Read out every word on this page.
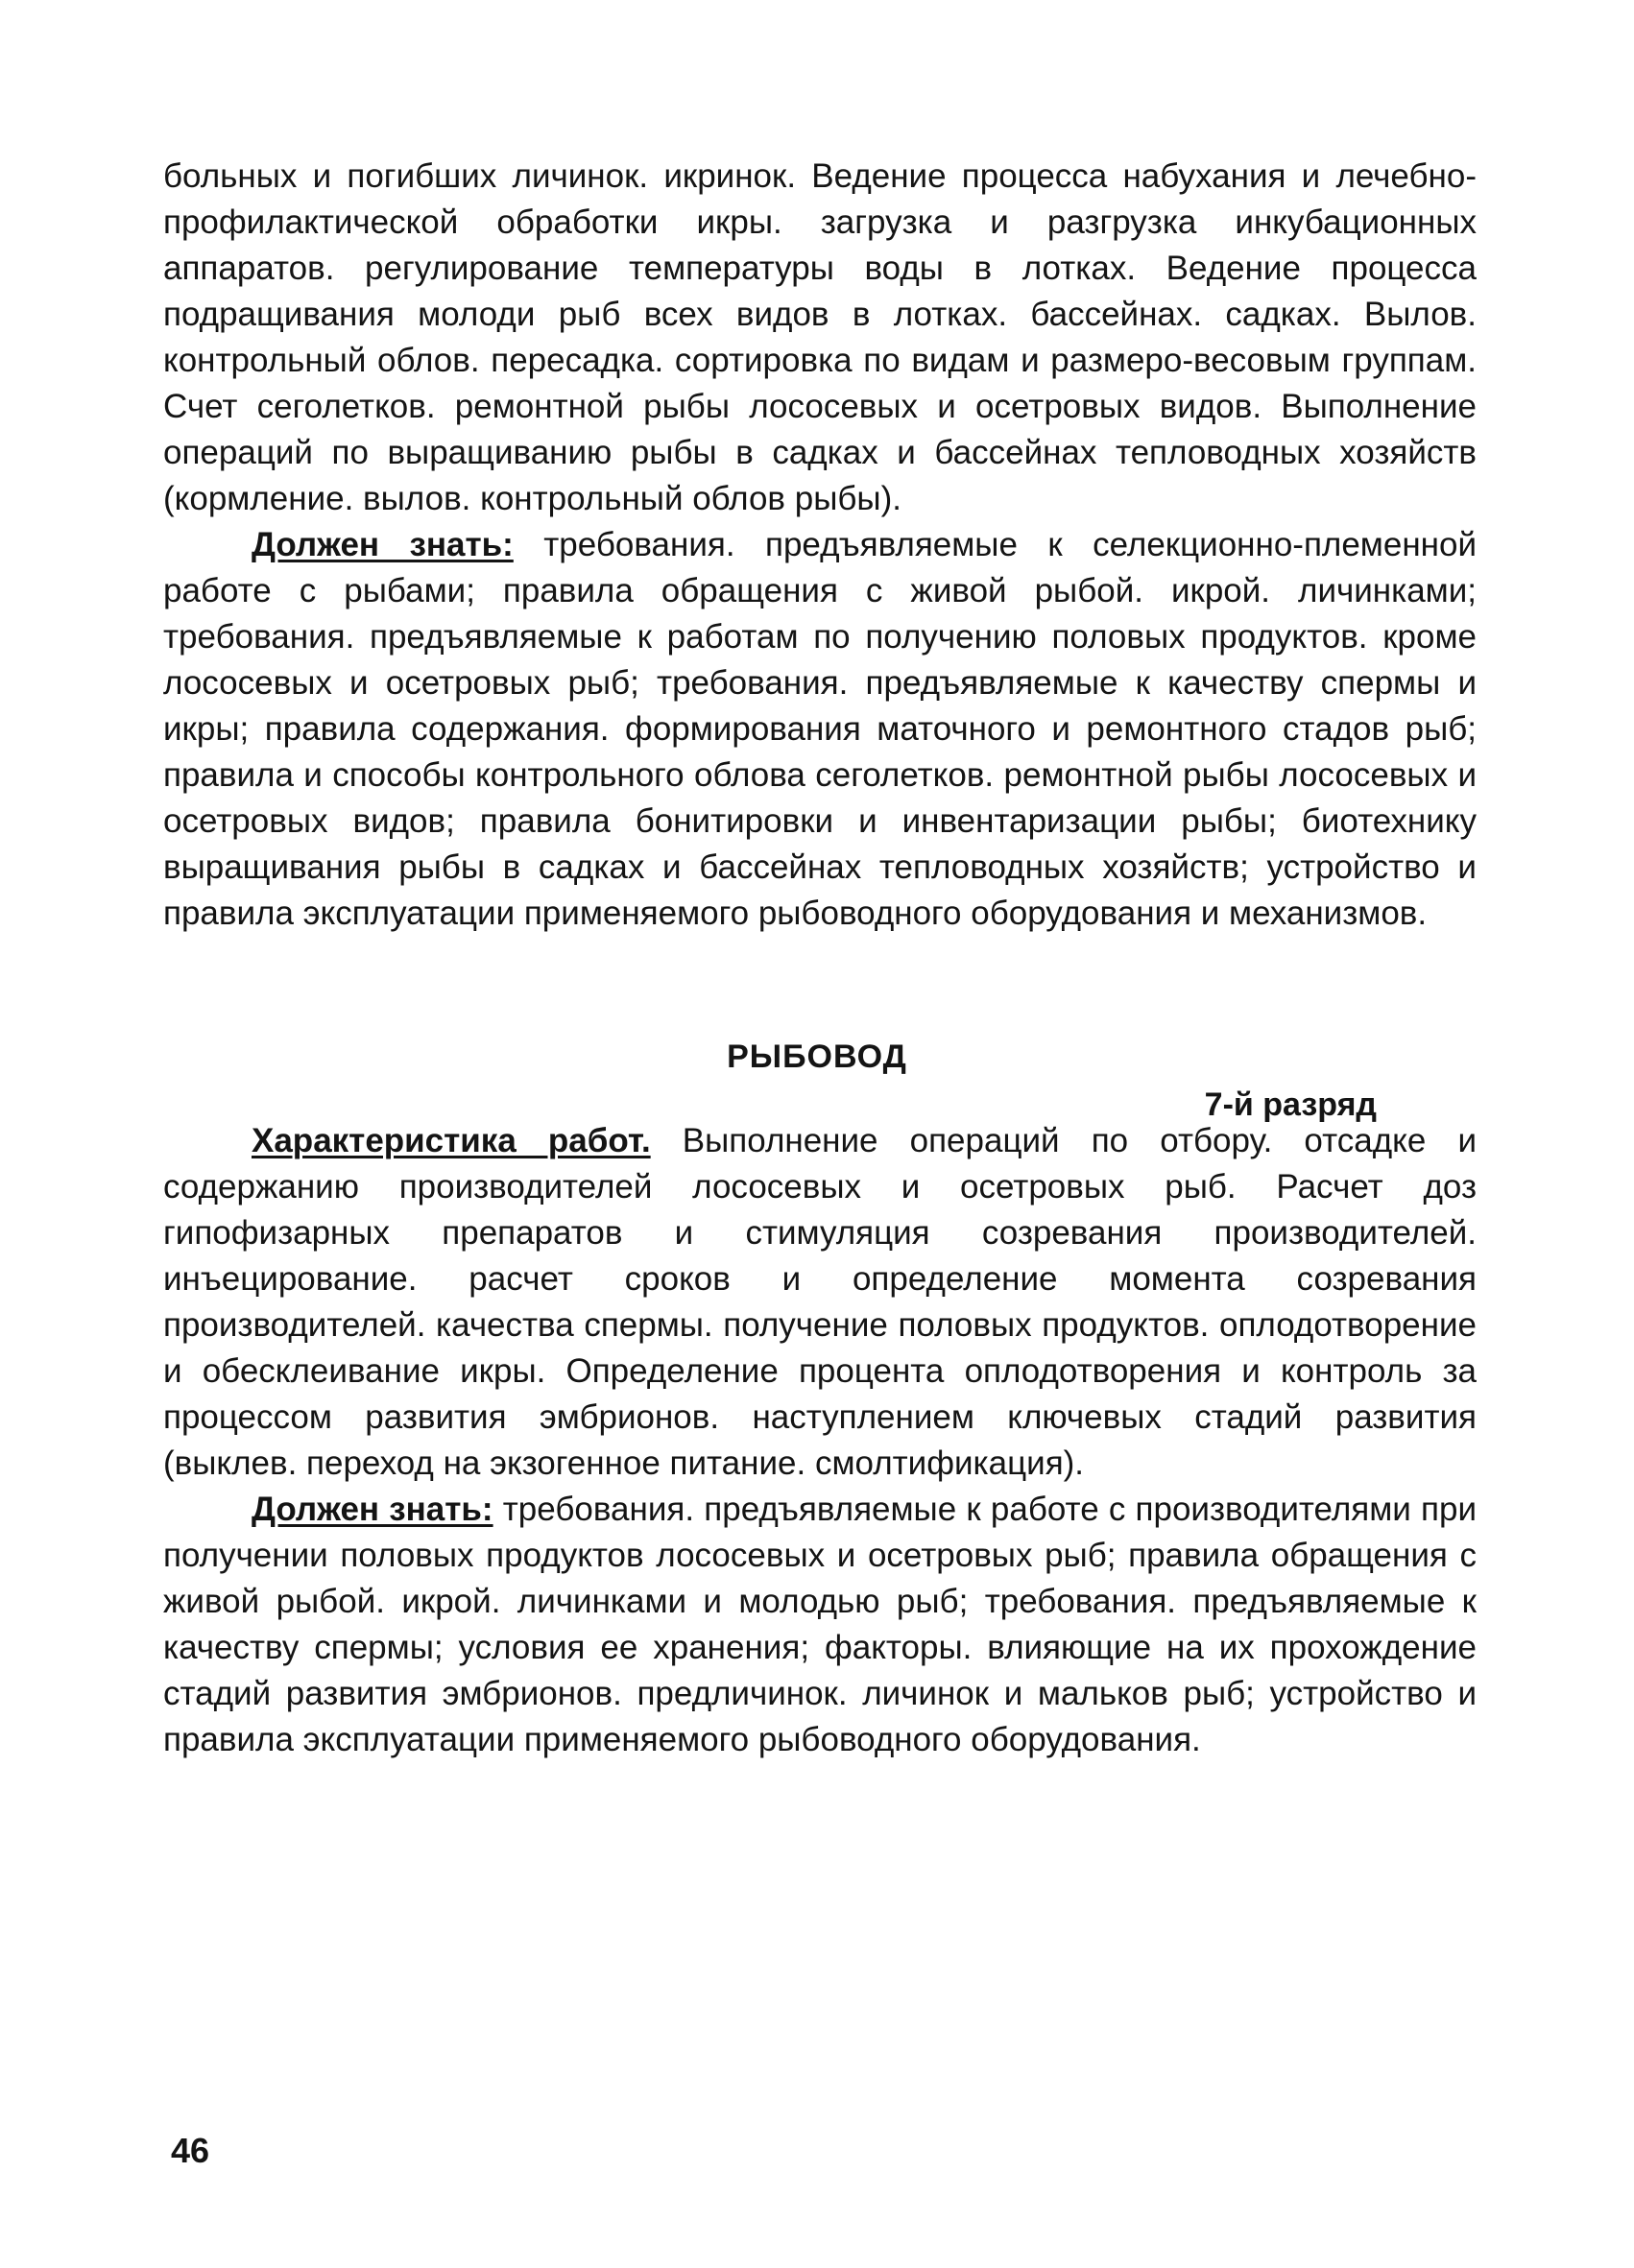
больных и погибших личинок. икринок. Ведение процесса набухания и лечебно-профилактической обработки икры. загрузка и разгрузка инкубационных аппаратов. регулирование температуры воды в лотках. Ведение процесса подращивания молоди рыб всех видов в лотках. бассейнах. садках. Вылов. контрольный облов. пересадка. сортировка по видам и размеро-весовым группам. Счет сеголетков. ремонтной рыбы лососевых и осетровых видов. Выполнение операций по выращиванию рыбы в садках и бассейнах тепловодных хозяйств (кормление. вылов. контрольный облов рыбы).

Должен знать: требования. предъявляемые к селекционно-племенной работе с рыбами; правила обращения с живой рыбой. икрой. личинками; требования. предъявляемые к работам по получению половых продуктов. кроме лососевых и осетровых рыб; требования. предъявляемые к качеству спермы и икры; правила содержания. формирования маточного и ремонтного стадов рыб; правила и способы контрольного облова сеголетков. ремонтной рыбы лососевых и осетровых видов; правила бонитировки и инвентаризации рыбы; биотехнику выращивания рыбы в садках и бассейнах тепловодных хозяйств; устройство и правила эксплуатации применяемого рыбоводного оборудования и механизмов.

РЫБОВОД
7-й разряд

Характеристика работ. Выполнение операций по отбору. отсадке и содержанию производителей лососевых и осетровых рыб. Расчет доз гипофизарных препаратов и стимуляция созревания производителей. инъецирование. расчет сроков и определение момента созревания производителей. качества спермы. получение половых продуктов. оплодотворение и обесклеивание икры. Определение процента оплодотворения и контроль за процессом развития эмбрионов. наступлением ключевых стадий развития (выклев. переход на экзогенное питание. смолтификация).

Должен знать: требования. предъявляемые к работе с производителями при получении половых продуктов лососевых и осетровых рыб; правила обращения с живой рыбой. икрой. личинками и молодью рыб; требования. предъявляемые к качеству спермы; условия ее хранения; факторы. влияющие на их прохождение стадий развития эмбрионов. предличинок. личинок и мальков рыб; устройство и правила эксплуатации применяемого рыбоводного оборудования.

46
